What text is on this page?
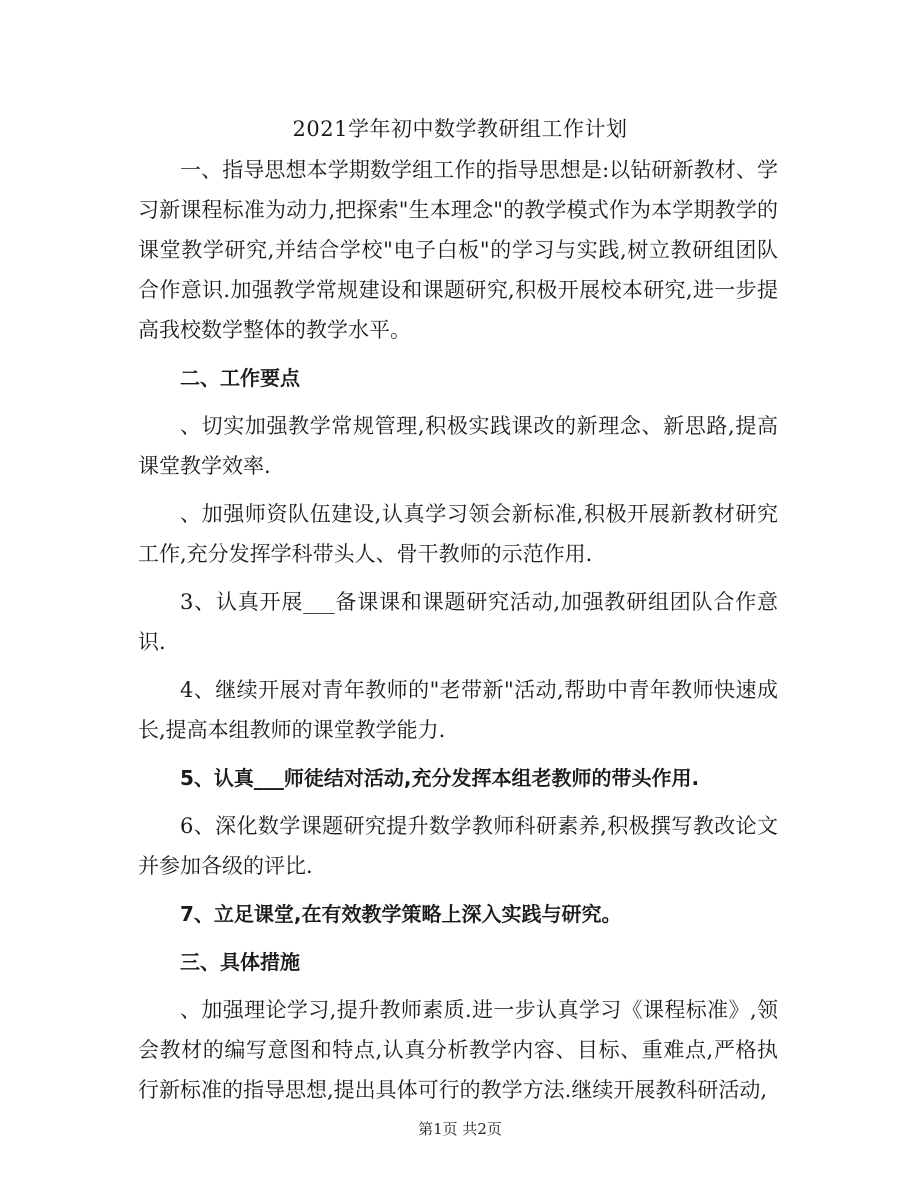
2021学年初中数学教研组工作计划

一、指导思想本学期数学组工作的指导思想是:以钻研新教材、学习新课程标准为动力,把探索"生本理念"的教学模式作为本学期教学的课堂教学研究,并结合学校"电子白板"的学习与实践,树立教研组团队合作意识.加强教学常规建设和课题研究,积极开展校本研究,进一步提高我校数学整体的教学水平。

二、工作要点

、切实加强教学常规管理,积极实践课改的新理念、新思路,提高课堂教学效率.

、加强师资队伍建设,认真学习领会新标准,积极开展新教材研究工作,充分发挥学科带头人、骨干教师的示范作用.

3、认真开展___备课课和课题研究活动,加强教研组团队合作意识.

4、继续开展对青年教师的"老带新"活动,帮助中青年教师快速成长,提高本组教师的课堂教学能力.

5、认真___师徒结对活动,充分发挥本组老教师的带头作用.

6、深化数学课题研究提升数学教师科研素养,积极撰写教改论文并参加各级的评比.

7、立足课堂,在有效教学策略上深入实践与研究。

三、具体措施

、加强理论学习,提升教师素质.进一步认真学习《课程标准》,领会教材的编写意图和特点,认真分析教学内容、目标、重难点,严格执行新标准的指导思想,提出具体可行的教学方法.继续开展教科研活动,

第1页 共2页
